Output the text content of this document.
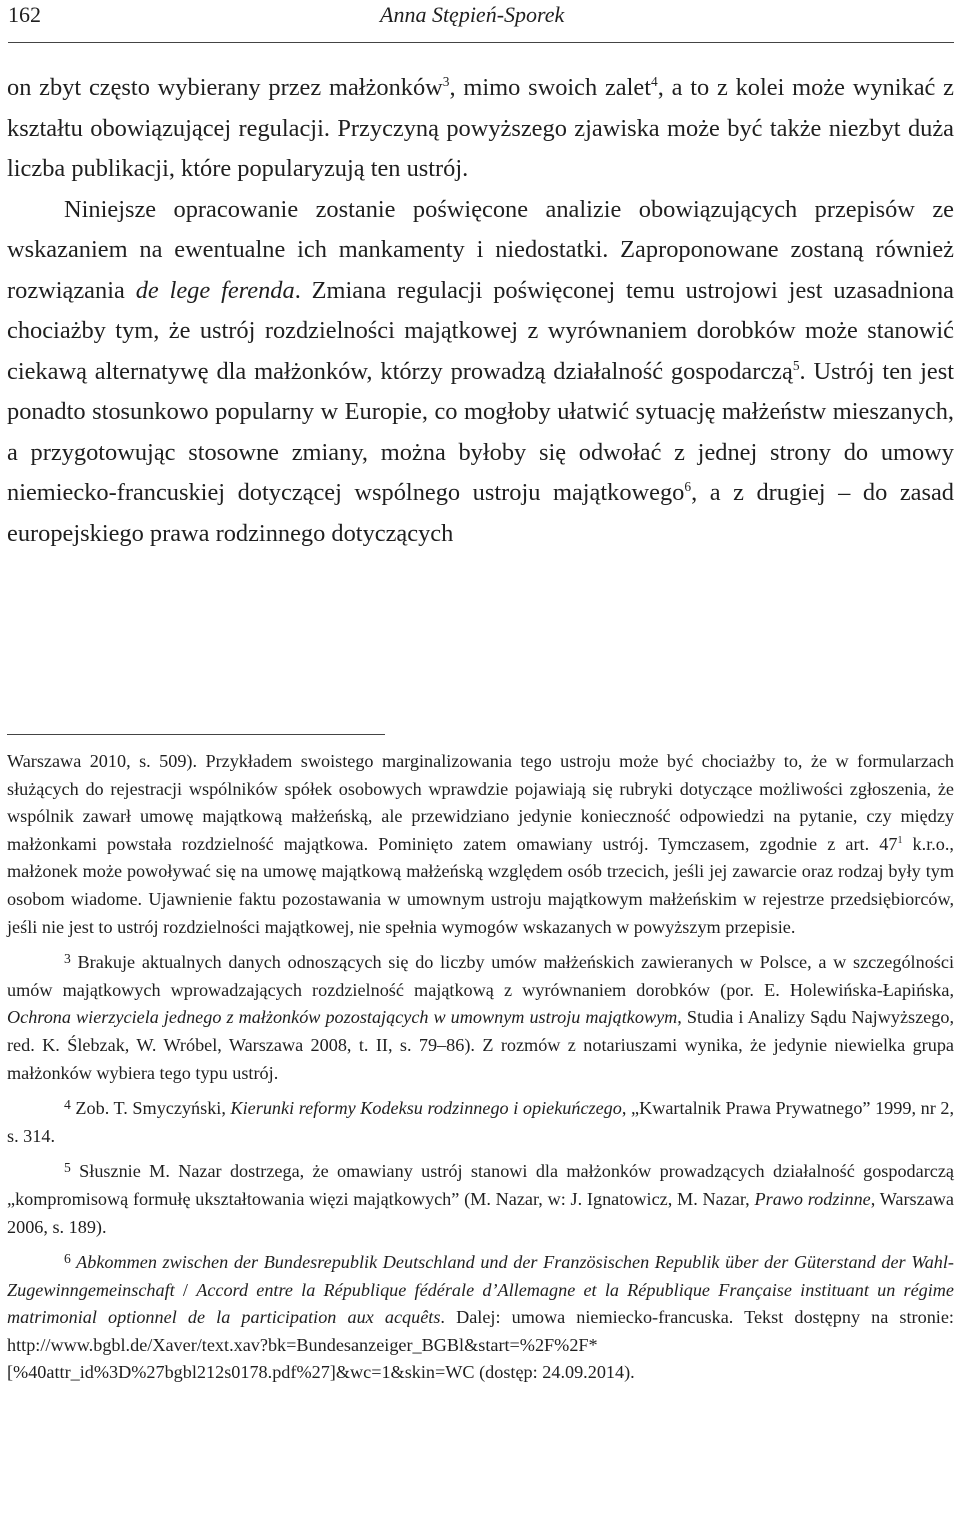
162	Anna Stępień-Sporek

on zbyt często wybierany przez małżonków$^3$, mimo swoich zalet$^4$, a to z kolei może wynikać z kształtu obowiązującej regulacji. Przyczyną powyższego zjawiska może być także niezbyt duża liczba publikacji, które popularyzują ten ustrój.

Niniejsze opracowanie zostanie poświęcone analizie obowiązujących przepisów ze wskazaniem na ewentualne ich mankamenty i niedostatki. Zaproponowane zostaną również rozwiązania de lege ferenda. Zmiana regulacji poświęconej temu ustrojowi jest uzasadniona chociażby tym, że ustrój rozdzielności majątkowej z wyrównaniem dorobków może stanowić ciekawą alternatywę dla małżonków, którzy prowadzą działalność gospodarczą$^5$. Ustrój ten jest ponadto stosunkowo popularny w Europie, co mogłoby ułatwić sytuację małżeństw mieszanych, a przygotowując stosowne zmiany, można byłoby się odwołać z jednej strony do umowy niemiecko-francuskiej dotyczącej wspólnego ustroju majątkowego$^6$, a z drugiej – do zasad europejskiego prawa rodzinnego dotyczących

Warszawa 2010, s. 509). Przykładem swoistego marginalizowania tego ustroju może być chociażby to, że w formularzach służących do rejestracji wspólników spółek osobowych wprawdzie pojawiają się rubryki dotyczące możliwości zgłoszenia, że wspólnik zawarł umowę majątkową małżeńską, ale przewidziano jedynie konieczność odpowiedzi na pytanie, czy między małżonkami powstała rozdzielność majątkowa. Pominięto zatem omawiany ustrój. Tymczasem, zgodnie z art. $47^1$ k.r.o., małżonek może powoływać się na umowę majątkową małżeńską względem osób trzecich, jeśli jej zawarcie oraz rodzaj były tym osobom wiadome. Ujawnienie faktu pozostawania w umownym ustroju majątkowym małżeńskim w rejestrze przedsiębiorców, jeśli nie jest to ustrój rozdzielności majątkowej, nie spełnia wymogów wskazanych w powyższym przepisie.

$^3$ Brakuje aktualnych danych odnoszących się do liczby umów małżeńskich zawieranych w Polsce, a w szczególności umów majątkowych wprowadzających rozdzielność majątkową z wyrównaniem dorobków (por. E. Holewińska-Łapińska, Ochrona wierzyciela jednego z małżonków pozostających w umownym ustroju majątkowym, Studia i Analizy Sądu Najwyższego, red. K. Ślebzak, W. Wróbel, Warszawa 2008, t. II, s. 79–86). Z rozmów z notariuszami wynika, że jedynie niewielka grupa małżonków wybiera tego typu ustrój.

$^4$ Zob. T. Smyczyński, Kierunki reformy Kodeksu rodzinnego i opiekuńczego, „Kwartalnik Prawa Prywatnego” 1999, nr 2, s. 314.

$^5$ Słusznie M. Nazar dostrzega, że omawiany ustrój stanowi dla małżonków prowadzących działalność gospodarczą „kompromisową formułę ukształtowania więzi majątkowych” (M. Nazar, w: J. Ignatowicz, M. Nazar, Prawo rodzinne, Warszawa 2006, s. 189).

$^6$ Abkommen zwischen der Bundesrepublik Deutschland und der Französischen Republik über der Güterstand der Wahl-Zugewinngemeinschaft / Accord entre la République fédérale d’Allemagne et la République Française instituant un régime matrimonial optionnel de la participation aux acquêts. Dalej: umowa niemiecko-francuska. Tekst dostępny na stronie: http://www.bgbl.de/Xaver/text.xav?bk=Bundesanzeiger_BGBl&start=%2F%2F*[%40attr_id%3D%27bgbl212s0178.pdf%27]&wc=1&skin=WC (dostęp: 24.09.2014).
